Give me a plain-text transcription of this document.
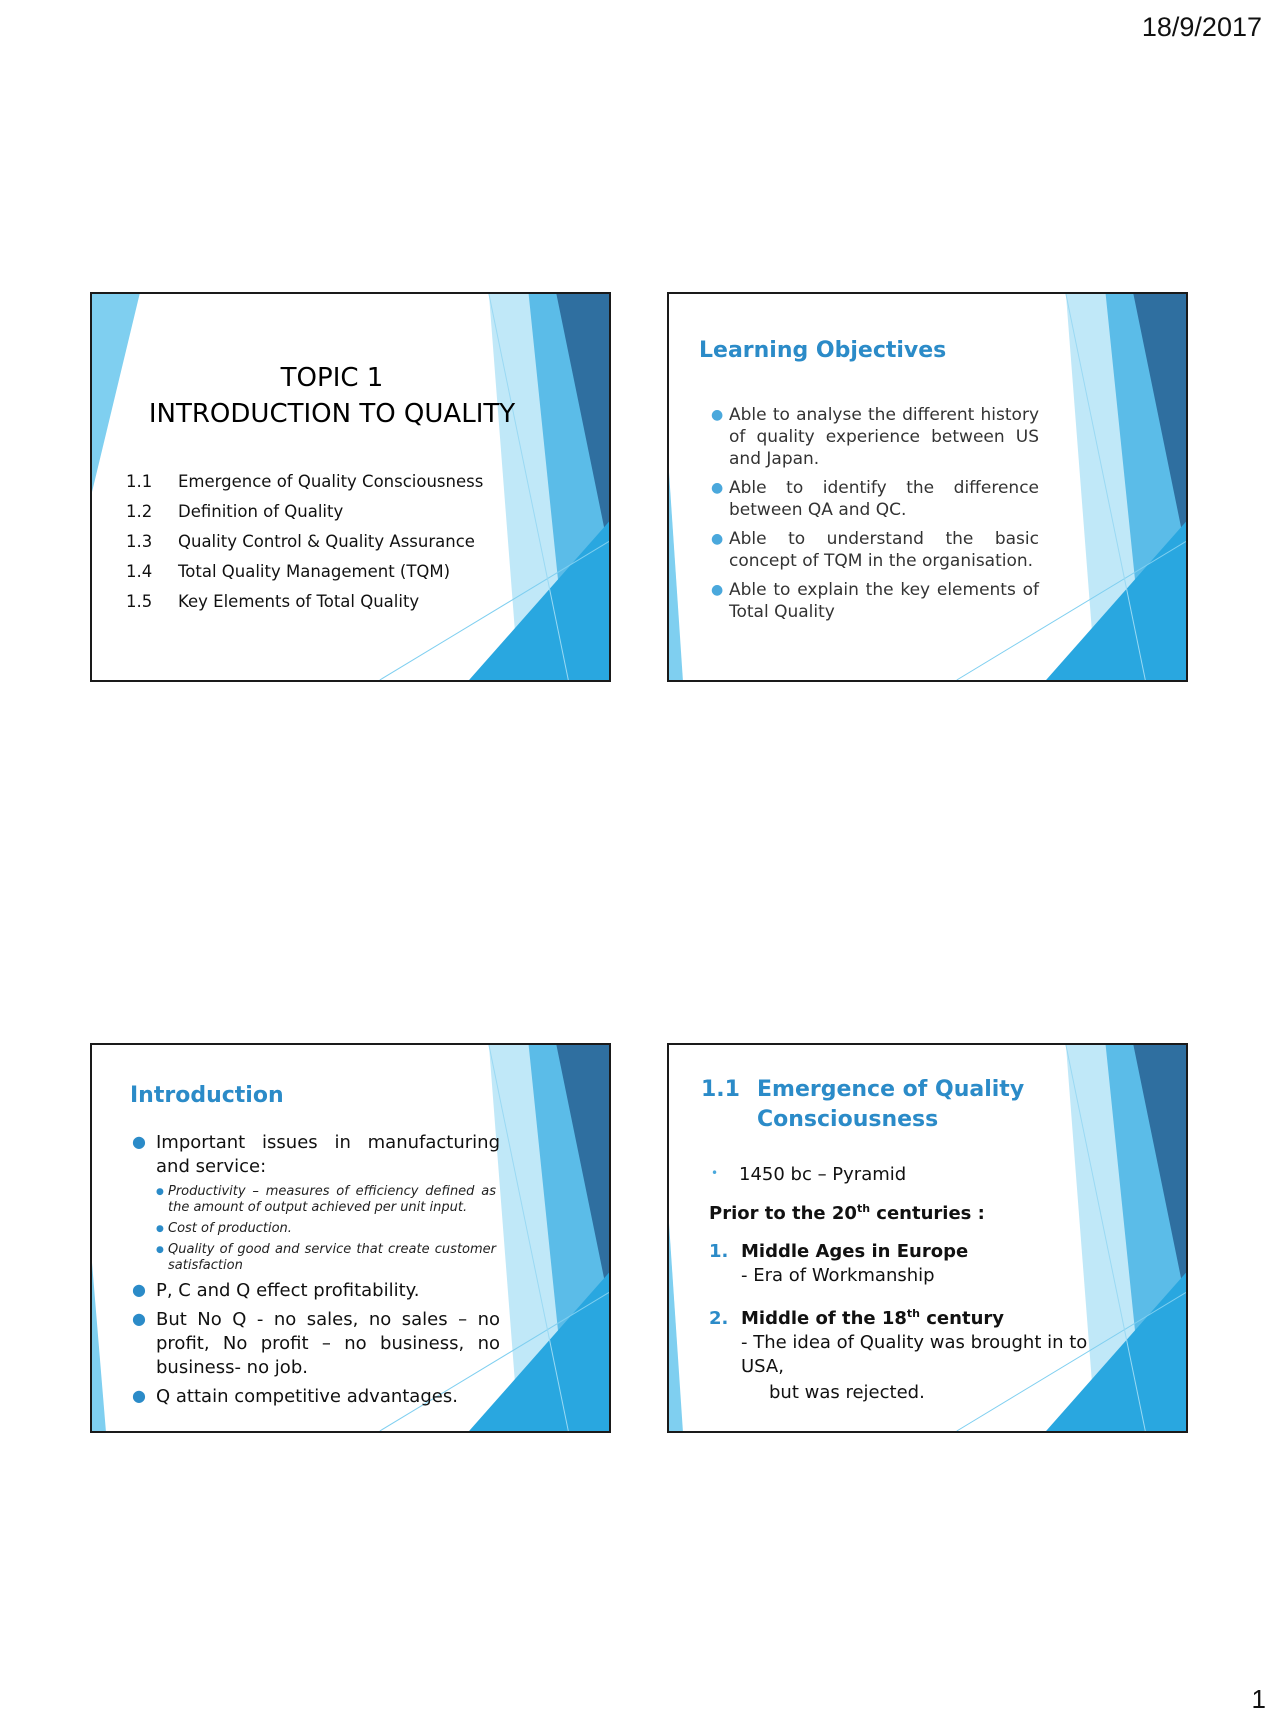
18/9/2017
TOPIC 1
INTRODUCTION TO QUALITY
1.1	Emergence of Quality Consciousness
1.2	Definition of Quality
1.3	Quality Control & Quality Assurance
1.4	Total Quality Management (TQM)
1.5	Key Elements of Total Quality
Learning Objectives
● Able to analyse the different history of quality experience between US and Japan.
● Able to identify the difference between QA and QC.
● Able to understand the basic concept of TQM in the organisation.
● Able to explain the key elements of Total Quality
Introduction
● Important issues in manufacturing and service:
● Productivity – measures of efficiency defined as the amount of output achieved per unit input.
● Cost of production.
● Quality of good and service that create customer satisfaction
● P, C and Q effect profitability.
● But No Q - no sales, no sales – no profit, No profit – no business, no business- no job.
● Q attain competitive advantages.
1.1 Emergence of Quality
Consciousness
• 1450 bc – Pyramid
Prior to the 20th centuries :
1. Middle Ages in Europe
- Era of Workmanship
2. Middle of the 18th century
- The idea of Quality was brought in to USA,
but was rejected.
1
